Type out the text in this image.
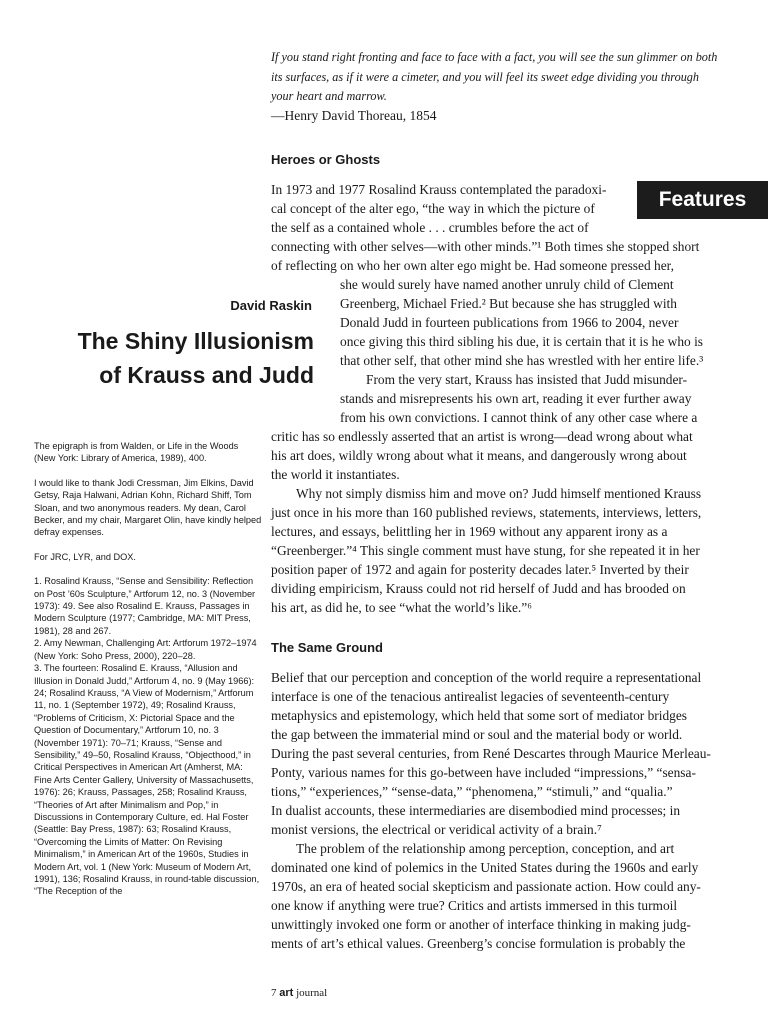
If you stand right fronting and face to face with a fact, you will see the sun glimmer on both its surfaces, as if it were a cimeter, and you will feel its sweet edge dividing you through your heart and marrow.
—Henry David Thoreau, 1854
Heroes or Ghosts
Features
David Raskin
The Shiny Illusionism
of Krauss and Judd
In 1973 and 1977 Rosalind Krauss contemplated the paradoxi-
cal concept of the alter ego, “the way in which the picture of
the self as a contained whole . . . crumbles before the act of
connecting with other selves—with other minds.”¹ Both times she stopped short
of reflecting on who her own alter ego might be. Had someone pressed her,
she would surely have named another unruly child of Clement
Greenberg, Michael Fried.² But because she has struggled with
Donald Judd in fourteen publications from 1966 to 2004, never
once giving this third sibling his due, it is certain that it is he who is
that other self, that other mind she has wrestled with her entire life.³
From the very start, Krauss has insisted that Judd misunder-
stands and misrepresents his own art, reading it ever further away
from his own convictions. I cannot think of any other case where a
critic has so endlessly asserted that an artist is wrong—dead wrong about what
his art does, wildly wrong about what it means, and dangerously wrong about
the world it instantiates.
Why not simply dismiss him and move on? Judd himself mentioned Krauss
just once in his more than 160 published reviews, statements, interviews, letters,
lectures, and essays, belittling her in 1969 without any apparent irony as a
“Greenberger.”⁴ This single comment must have stung, for she repeated it in her
position paper of 1972 and again for posterity decades later.⁵ Inverted by their
dividing empiricism, Krauss could not rid herself of Judd and has brooded on
his art, as did he, to see “what the world’s like.”⁶
The Same Ground
Belief that our perception and conception of the world require a representational
interface is one of the tenacious antirealist legacies of seventeenth-century
metaphysics and epistemology, which held that some sort of mediator bridges
the gap between the immaterial mind or soul and the material body or world.
During the past several centuries, from René Descartes through Maurice Merleau-
Ponty, various names for this go-between have included “impressions,” “sensa-
tions,” “experiences,” “sense-data,” “phenomena,” “stimuli,” and “qualia.”
In dualist accounts, these intermediaries are disembodied mind processes; in
monist versions, the electrical or veridical activity of a brain.⁷
The problem of the relationship among perception, conception, and art
dominated one kind of polemics in the United States during the 1960s and early
1970s, an era of heated social skepticism and passionate action. How could any-
one know if anything were true? Critics and artists immersed in this turmoil
unwittingly invoked one form or another of interface thinking in making judg-
ments of art’s ethical values. Greenberg’s concise formulation is probably the

The epigraph is from Walden, or Life in the Woods (New York: Library of America, 1989), 400.

I would like to thank Jodi Cressman, Jim Elkins, David Getsy, Raja Halwani, Adrian Kohn, Richard Shiff, Tom Sloan, and two anonymous readers. My dean, Carol Becker, and my chair, Margaret Olin, have kindly helped defray expenses.

For JRC, LYR, and DOX.

1. Rosalind Krauss, “Sense and Sensibility: Reflection on Post ’60s Sculpture,” Artforum 12, no. 3 (November 1973): 49. See also Rosalind E. Krauss, Passages in Modern Sculpture (1977; Cambridge, MA: MIT Press, 1981), 28 and 267.

2. Amy Newman, Challenging Art: Artforum 1972–1974 (New York: Soho Press, 2000), 220–28.

3. The fourteen: Rosalind E. Krauss, “Allusion and Illusion in Donald Judd,” Artforum 4, no. 9 (May 1966): 24; Rosalind Krauss, “A View of Modernism,” Artforum 11, no. 1 (September 1972), 49; Rosalind Krauss, “Problems of Criticism, X: Pictorial Space and the Question of Documentary,” Artforum 10, no. 3 (November 1971): 70–71; Krauss, “Sense and Sensibility,” 49–50, Rosalind Krauss, “Objecthood,” in Critical Perspectives in American Art (Amherst, MA: Fine Arts Center Gallery, University of Massachusetts, 1976): 26; Krauss, Passages, 258; Rosalind Krauss, “Theories of Art after Minimalism and Pop,” in Discussions in Contemporary Culture, ed. Hal Foster (Seattle: Bay Press, 1987): 63; Rosalind Krauss, “Overcoming the Limits of Matter: On Revising Minimalism,” in American Art of the 1960s, Studies in Modern Art, vol. 1 (New York: Museum of Modern Art, 1991), 136; Rosalind Krauss, in round-table discussion, “The Reception of the

7 art journal
